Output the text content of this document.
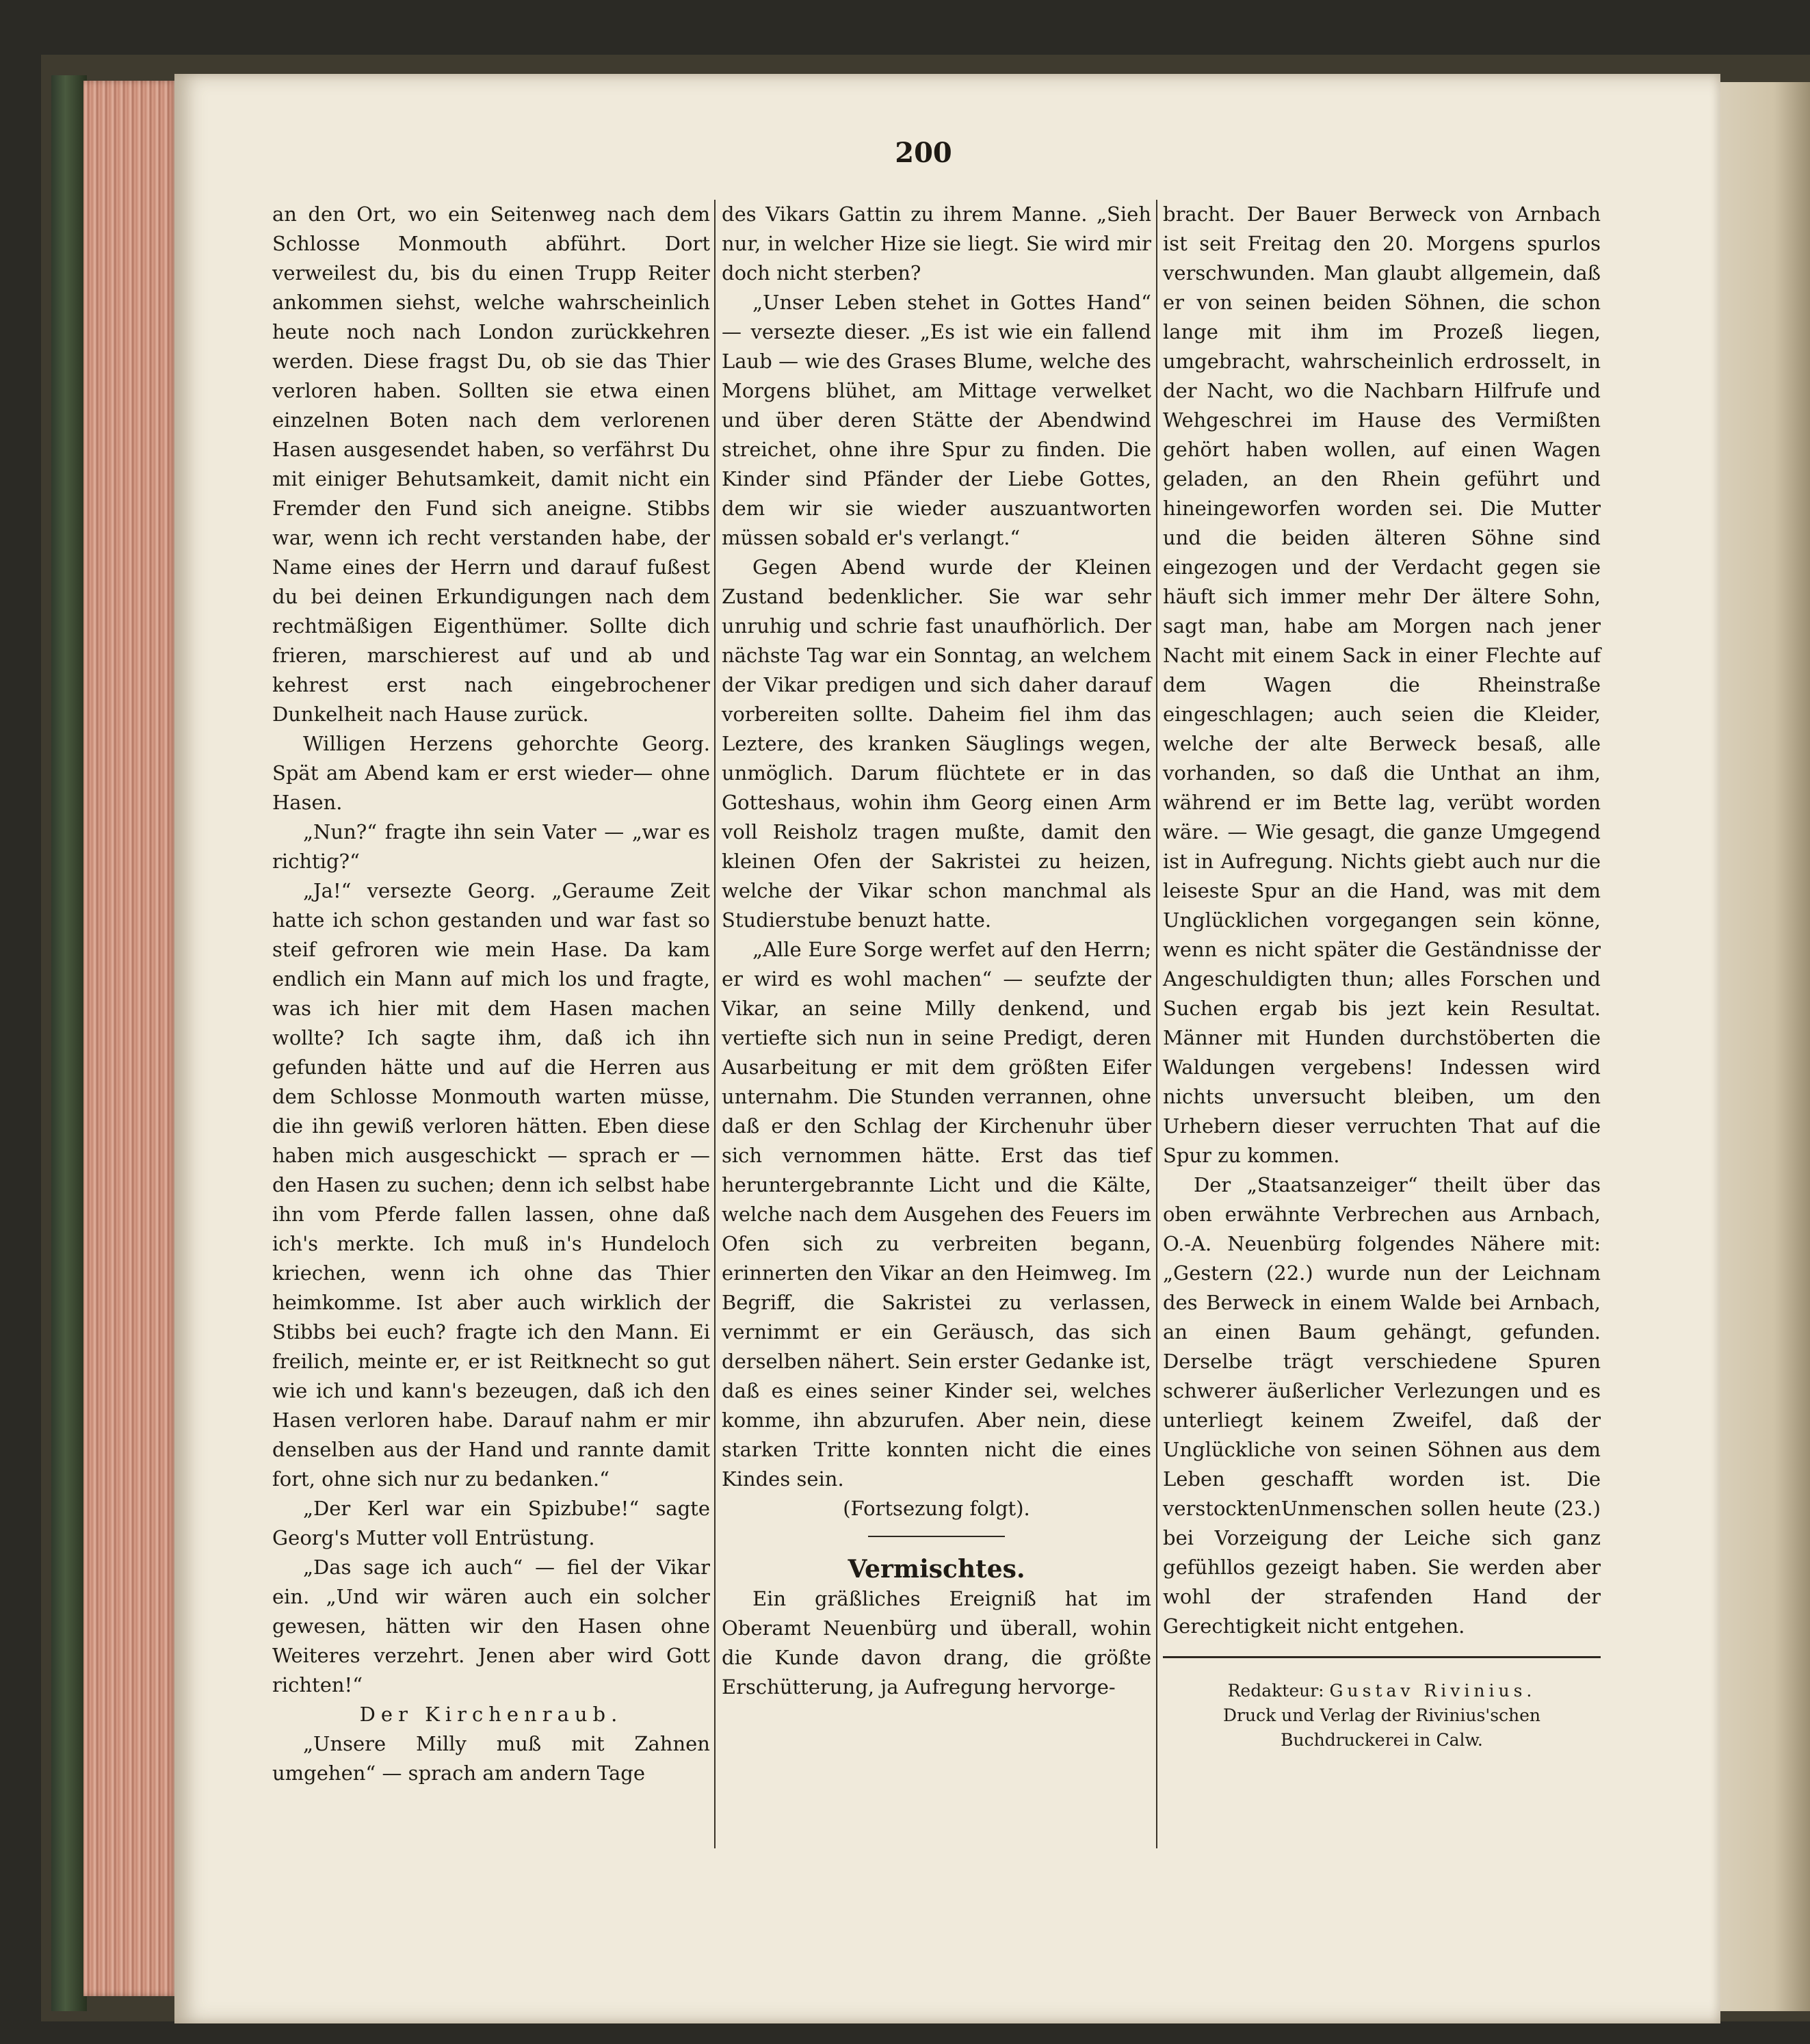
200

an den Ort, wo ein Seitenweg nach dem Schlosse Monmouth abführt. Dort verweilest du, bis du einen Trupp Reiter ankommen siehst, welche wahrscheinlich heute noch nach London zurückkehren werden. Diese fragst Du, ob sie das Thier verloren haben. Sollten sie etwa einen einzelnen Boten nach dem verlorenen Hasen ausgesendet haben, so verfährst Du mit einiger Behutsamkeit, damit nicht ein Fremder den Fund sich aneigne. Stibbs war, wenn ich recht verstanden habe, der Name eines der Herrn und darauf fußest du bei deinen Erkundigungen nach dem rechtmäßigen Eigenthümer. Sollte dich frieren, marschierest auf und ab und kehrest erst nach eingebrochener Dunkelheit nach Hause zurück.

Willigen Herzens gehorchte Georg. Spät am Abend kam er erst wieder— ohne Hasen.

„Nun?“ fragte ihn sein Vater — „war es richtig?“

„Ja!“ versezte Georg. „Geraume Zeit hatte ich schon gestanden und war fast so steif gefroren wie mein Hase. Da kam endlich ein Mann auf mich los und fragte, was ich hier mit dem Hasen machen wollte? Ich sagte ihm, daß ich ihn gefunden hätte und auf die Herren aus dem Schlosse Monmouth warten müsse, die ihn gewiß verloren hätten. Eben diese haben mich ausgeschickt — sprach er — den Hasen zu suchen; denn ich selbst habe ihn vom Pferde fallen lassen, ohne daß ich's merkte. Ich muß in's Hundeloch kriechen, wenn ich ohne das Thier heimkomme. Ist aber auch wirklich der Stibbs bei euch? fragte ich den Mann. Ei freilich, meinte er, er ist Reitknecht so gut wie ich und kann's bezeugen, daß ich den Hasen verloren habe. Darauf nahm er mir denselben aus der Hand und rannte damit fort, ohne sich nur zu bedanken.“

„Der Kerl war ein Spizbube!“ sagte Georg's Mutter voll Entrüstung.

„Das sage ich auch“ — fiel der Vikar ein. „Und wir wären auch ein solcher gewesen, hätten wir den Hasen ohne Weiteres verzehrt. Jenen aber wird Gott richten!“

Der Kirchenraub.

„Unsere Milly muß mit Zahnen umgehen“ — sprach am andern Tage

des Vikars Gattin zu ihrem Manne. „Sieh nur, in welcher Hize sie liegt. Sie wird mir doch nicht sterben?

„Unser Leben stehet in Gottes Hand“ — versezte dieser. „Es ist wie ein fallend Laub — wie des Grases Blume, welche des Morgens blühet, am Mittage verwelket und über deren Stätte der Abendwind streichet, ohne ihre Spur zu finden. Die Kinder sind Pfänder der Liebe Gottes, dem wir sie wieder auszuantworten müssen sobald er's verlangt.“

Gegen Abend wurde der Kleinen Zustand bedenklicher. Sie war sehr unruhig und schrie fast unaufhörlich. Der nächste Tag war ein Sonntag, an welchem der Vikar predigen und sich daher darauf vorbereiten sollte. Daheim fiel ihm das Leztere, des kranken Säuglings wegen, unmöglich. Darum flüchtete er in das Gotteshaus, wohin ihm Georg einen Arm voll Reisholz tragen mußte, damit den kleinen Ofen der Sakristei zu heizen, welche der Vikar schon manchmal als Studierstube benuzt hatte.

„Alle Eure Sorge werfet auf den Herrn; er wird es wohl machen“ — seufzte der Vikar, an seine Milly denkend, und vertiefte sich nun in seine Predigt, deren Ausarbeitung er mit dem größten Eifer unternahm. Die Stunden verrannen, ohne daß er den Schlag der Kirchenuhr über sich vernommen hätte. Erst das tief heruntergebrannte Licht und die Kälte, welche nach dem Ausgehen des Feuers im Ofen sich zu verbreiten begann, erinnerten den Vikar an den Heimweg. Im Begriff, die Sakristei zu verlassen, vernimmt er ein Geräusch, das sich derselben nähert. Sein erster Gedanke ist, daß es eines seiner Kinder sei, welches komme, ihn abzurufen. Aber nein, diese starken Tritte konnten nicht die eines Kindes sein.

(Fortsezung folgt).

Vermischtes.

Ein gräßliches Ereigniß hat im Oberamt Neuenbürg und überall, wohin die Kunde davon drang, die größte Erschütterung, ja Aufregung hervorge-

bracht. Der Bauer Berweck von Arnbach ist seit Freitag den 20. Morgens spurlos verschwunden. Man glaubt allgemein, daß er von seinen beiden Söhnen, die schon lange mit ihm im Prozeß liegen, umgebracht, wahrscheinlich erdrosselt, in der Nacht, wo die Nachbarn Hilfrufe und Wehgeschrei im Hause des Vermißten gehört haben wollen, auf einen Wagen geladen, an den Rhein geführt und hineingeworfen worden sei. Die Mutter und die beiden älteren Söhne sind eingezogen und der Verdacht gegen sie häuft sich immer mehr Der ältere Sohn, sagt man, habe am Morgen nach jener Nacht mit einem Sack in einer Flechte auf dem Wagen die Rheinstraße eingeschlagen; auch seien die Kleider, welche der alte Berweck besaß, alle vorhanden, so daß die Unthat an ihm, während er im Bette lag, verübt worden wäre. — Wie gesagt, die ganze Umgegend ist in Aufregung. Nichts giebt auch nur die leiseste Spur an die Hand, was mit dem Unglücklichen vorgegangen sein könne, wenn es nicht später die Geständnisse der Angeschuldigten thun; alles Forschen und Suchen ergab bis jezt kein Resultat. Männer mit Hunden durchstöberten die Waldungen vergebens! Indessen wird nichts unversucht bleiben, um den Urhebern dieser verruchten That auf die Spur zu kommen.

Der „Staatsanzeiger“ theilt über das oben erwähnte Verbrechen aus Arnbach, O.-A. Neuenbürg folgendes Nähere mit: „Gestern (22.) wurde nun der Leichnam des Berweck in einem Walde bei Arnbach, an einen Baum gehängt, gefunden. Derselbe trägt verschiedene Spuren schwerer äußerlicher Verlezungen und es unterliegt keinem Zweifel, daß der Unglückliche von seinen Söhnen aus dem Leben geschafft worden ist. Die verstocktenUnmenschen sollen heute (23.) bei Vorzeigung der Leiche sich ganz gefühllos gezeigt haben. Sie werden aber wohl der strafenden Hand der Gerechtigkeit nicht entgehen.

Redakteur: Gustav Rivinius.

Druck und Verlag der Rivinius'schen Buchdruckerei in Calw.
